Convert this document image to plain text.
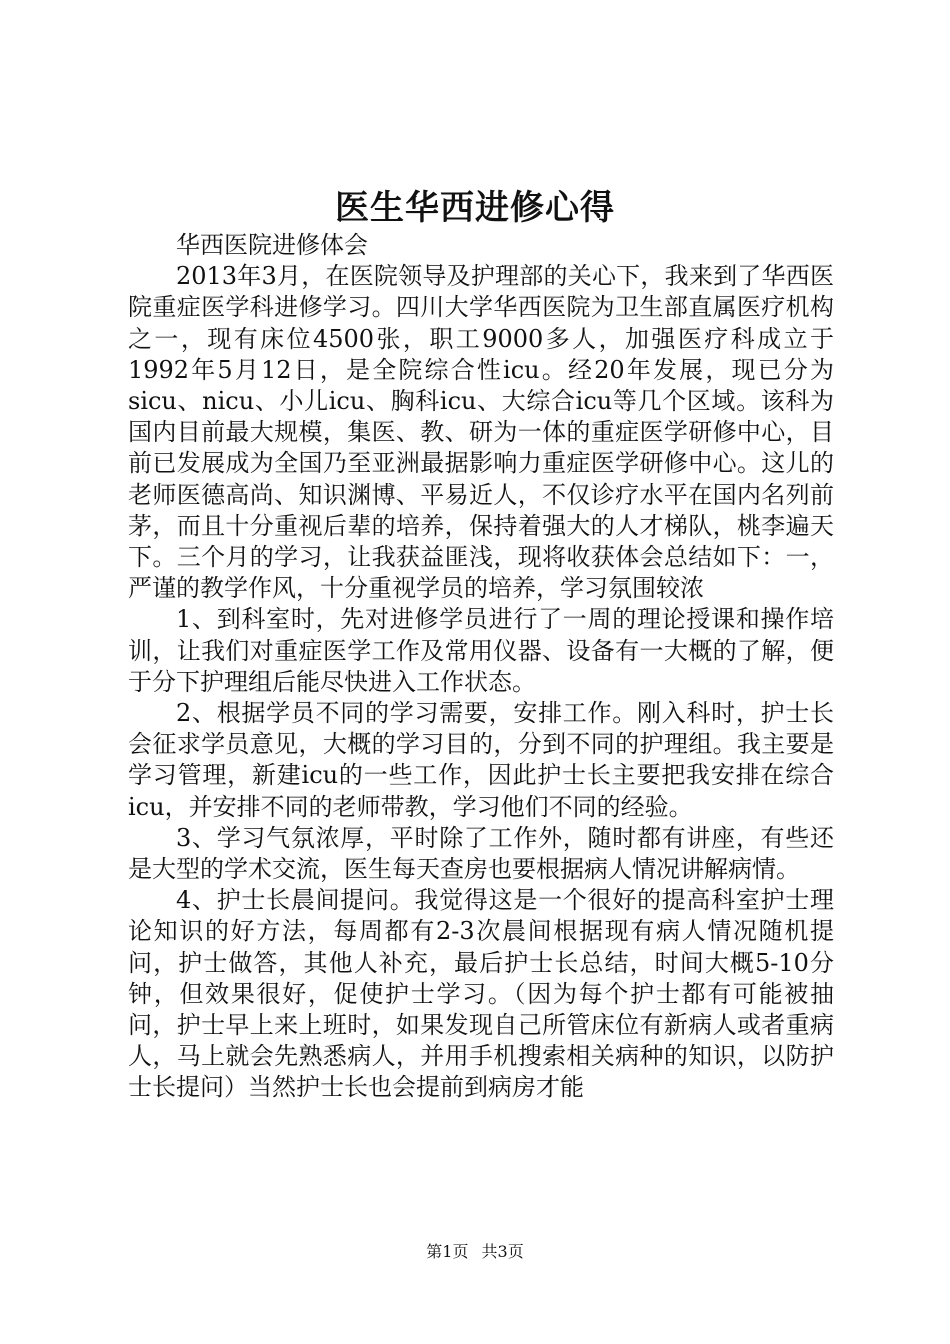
医生华西进修心得

华西医院进修体会

2013年3月，在医院领导及护理部的关心下，我来到了华西医院重症医学科进修学习。四川大学华西医院为卫生部直属医疗机构之一，现有床位4500张，职工9000多人，加强医疗科成立于1992年5月12日，是全院综合性icu。经20年发展，现已分为sicu、nicu、小儿icu、胸科icu、大综合icu等几个区域。该科为国内目前最大规模，集医、教、研为一体的重症医学研修中心，目前已发展成为全国乃至亚洲最据影响力重症医学研修中心。这儿的老师医德高尚、知识渊博、平易近人，不仅诊疗水平在国内名列前茅，而且十分重视后辈的培养，保持着强大的人才梯队，桃李遍天下。三个月的学习，让我获益匪浅，现将收获体会总结如下：一，严谨的教学作风，十分重视学员的培养，学习氛围较浓

1、到科室时，先对进修学员进行了一周的理论授课和操作培训，让我们对重症医学工作及常用仪器、设备有一大概的了解，便于分下护理组后能尽快进入工作状态。

2、根据学员不同的学习需要，安排工作。刚入科时，护士长会征求学员意见，大概的学习目的，分到不同的护理组。我主要是学习管理，新建icu的一些工作，因此护士长主要把我安排在综合icu，并安排不同的老师带教，学习他们不同的经验。

3、学习气氛浓厚，平时除了工作外，随时都有讲座，有些还是大型的学术交流，医生每天查房也要根据病人情况讲解病情。

4、护士长晨间提问。我觉得这是一个很好的提高科室护士理论知识的好方法，每周都有2-3次晨间根据现有病人情况随机提问，护士做答，其他人补充，最后护士长总结，时间大概5-10分钟，但效果很好，促使护士学习。（因为每个护士都有可能被抽问，护士早上来上班时，如果发现自己所管床位有新病人或者重病人，马上就会先熟悉病人，并用手机搜索相关病种的知识，以防护士长提问）当然护士长也会提前到病房才能

第1页 共3页
